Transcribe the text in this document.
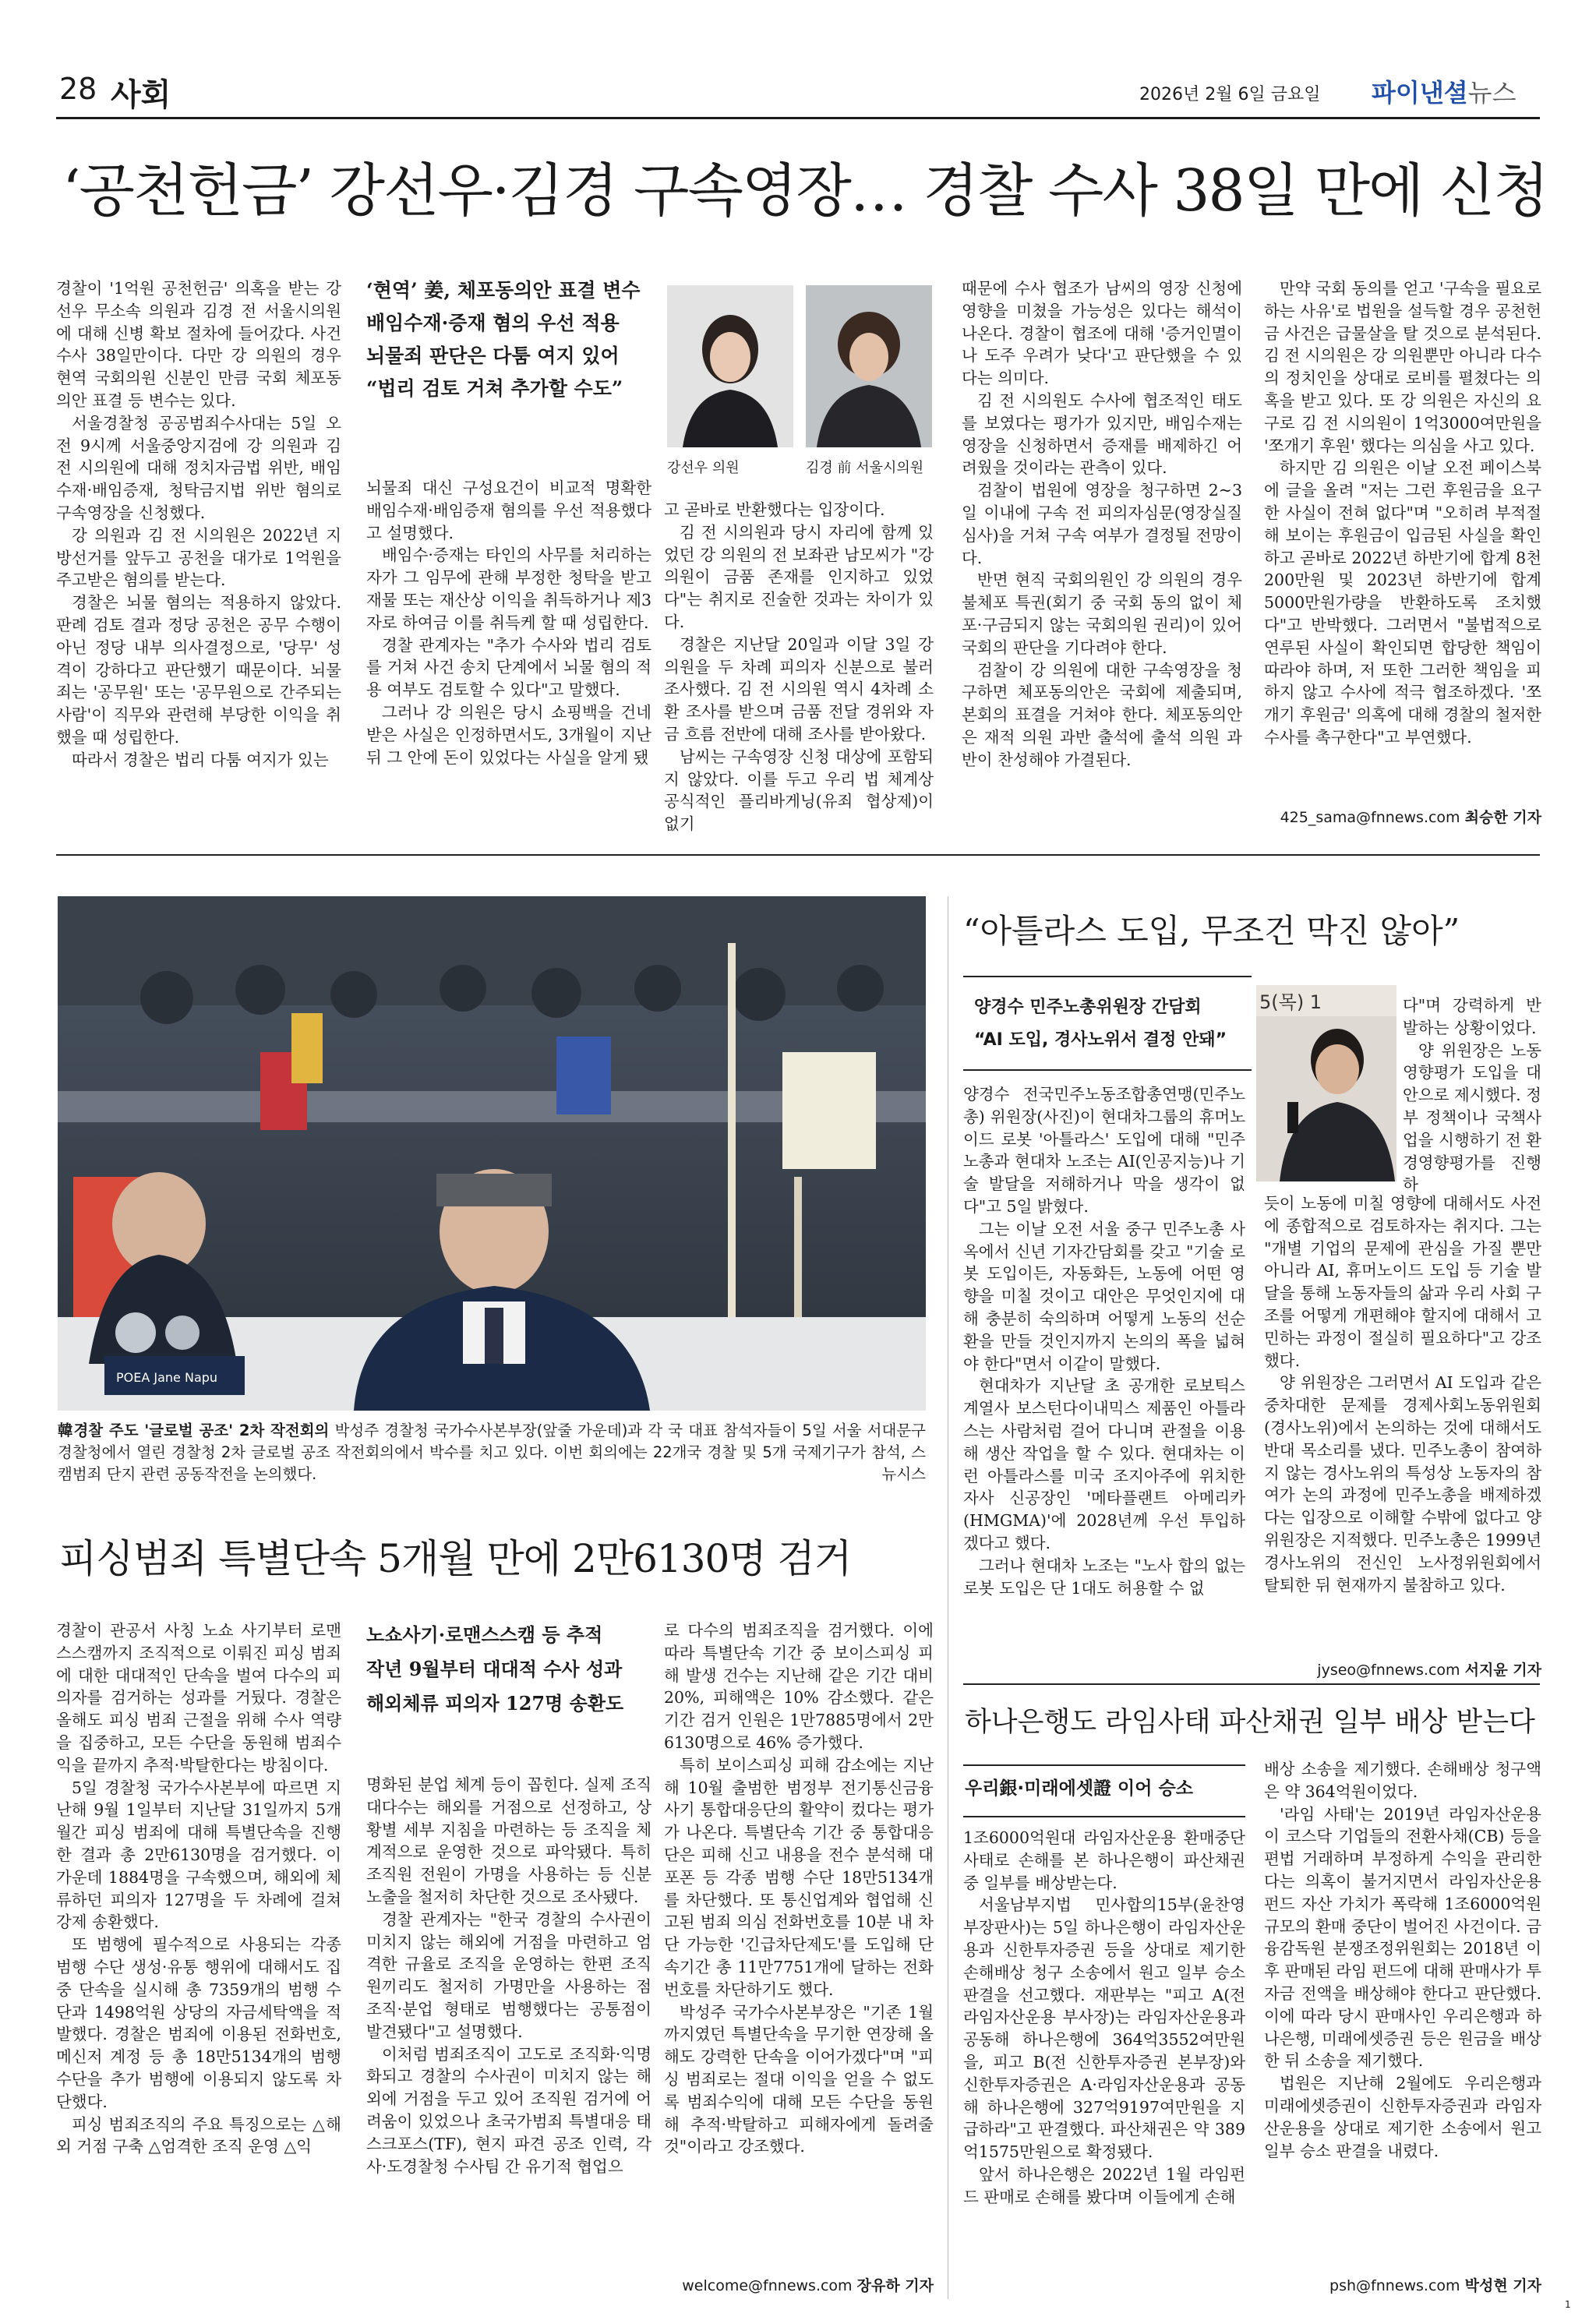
28 사회	2026년 2월 6일 금요일 파이낸셜뉴스
‘공천헌금’ 강선우·김경 구속영장… 경찰 수사 38일 만에 신청

경찰이 '1억원 공천헌금' 의혹을 받는 강선우 무소속 의원과 김경 전 서울시의원에 대해 신병 확보 절차에 들어갔다. 사건 수사 38일만이다. 다만 강 의원의 경우 현역 국회의원 신분인 만큼 국회 체포동의안 표결 등 변수는 있다.

서울경찰청 공공범죄수사대는 5일 오전 9시께 서울중앙지검에 강 의원과 김 전 시의원에 대해 정치자금법 위반, 배임수재·배임증재, 청탁금지법 위반 혐의로 구속영장을 신청했다.

강 의원과 김 전 시의원은 2022년 지방선거를 앞두고 공천을 대가로 1억원을 주고받은 혐의를 받는다.

경찰은 뇌물 혐의는 적용하지 않았다. 판례 검토 결과 정당 공천은 공무 수행이 아닌 정당 내부 의사결정으로, '당무' 성격이 강하다고 판단했기 때문이다. 뇌물죄는 '공무원' 또는 '공무원으로 간주되는 사람'이 직무와 관련해 부당한 이익을 취했을 때 성립한다.

따라서 경찰은 법리 다툼 여지가 있는

‘현역’ 姜, 체포동의안 표결 변수
배임수재·증재 혐의 우선 적용
뇌물죄 판단은 다툼 여지 있어
“법리 검토 거쳐 추가할 수도”

뇌물죄 대신 구성요건이 비교적 명확한 배임수재·배임증재 혐의를 우선 적용했다고 설명했다.

배임수·증재는 타인의 사무를 처리하는 자가 그 임무에 관해 부정한 청탁을 받고 재물 또는 재산상 이익을 취득하거나 제3자로 하여금 이를 취득케 할 때 성립한다.

경찰 관계자는 "추가 수사와 법리 검토를 거쳐 사건 송치 단계에서 뇌물 혐의 적용 여부도 검토할 수 있다"고 말했다.

그러나 강 의원은 당시 쇼핑백을 건네받은 사실은 인정하면서도, 3개월이 지난 뒤 그 안에 돈이 있었다는 사실을 알게 됐

강선우 의원	김경 前 서울시의원

고 곧바로 반환했다는 입장이다.

김 전 시의원과 당시 자리에 함께 있었던 강 의원의 전 보좌관 남모씨가 "강 의원이 금품 존재를 인지하고 있었다"는 취지로 진술한 것과는 차이가 있다.

경찰은 지난달 20일과 이달 3일 강 의원을 두 차례 피의자 신분으로 불러 조사했다. 김 전 시의원 역시 4차례 소환 조사를 받으며 금품 전달 경위와 자금 흐름 전반에 대해 조사를 받아왔다.

남씨는 구속영장 신청 대상에 포함되지 않았다. 이를 두고 우리 법 체계상 공식적인 플리바게닝(유죄 협상제)이 없기

때문에 수사 협조가 남씨의 영장 신청에 영향을 미쳤을 가능성은 있다는 해석이 나온다. 경찰이 협조에 대해 '증거인멸이나 도주 우려가 낮다'고 판단했을 수 있다는 의미다.

김 전 시의원도 수사에 협조적인 태도를 보였다는 평가가 있지만, 배임수재는 영장을 신청하면서 증재를 배제하긴 어려웠을 것이라는 관측이 있다.

검찰이 법원에 영장을 청구하면 2~3일 이내에 구속 전 피의자심문(영장실질심사)을 거쳐 구속 여부가 결정될 전망이다.

반면 현직 국회의원인 강 의원의 경우 불체포 특권(회기 중 국회 동의 없이 체포·구금되지 않는 국회의원 권리)이 있어 국회의 판단을 기다려야 한다.

검찰이 강 의원에 대한 구속영장을 청구하면 체포동의안은 국회에 제출되며, 본회의 표결을 거쳐야 한다. 체포동의안은 재적 의원 과반 출석에 출석 의원 과반이 찬성해야 가결된다.

만약 국회 동의를 얻고 '구속을 필요로 하는 사유'로 법원을 설득할 경우 공천헌금 사건은 급물살을 탈 것으로 분석된다. 김 전 시의원은 강 의원뿐만 아니라 다수의 정치인을 상대로 로비를 펼쳤다는 의혹을 받고 있다. 또 강 의원은 자신의 요구로 김 전 시의원이 1억3000여만원을 '쪼개기 후원' 했다는 의심을 사고 있다.

하지만 김 의원은 이날 오전 페이스북에 글을 올려 "저는 그런 후원금을 요구한 사실이 전혀 없다"며 "오히려 부적절해 보이는 후원금이 입금된 사실을 확인하고 곧바로 2022년 하반기에 합계 8천200만원 및 2023년 하반기에 합계 5000만원가량을 반환하도록 조치했다"고 반박했다. 그러면서 "불법적으로 연루된 사실이 확인되면 합당한 책임이 따라야 하며, 저 또한 그러한 책임을 피하지 않고 수사에 적극 협조하겠다. '쪼개기 후원금' 의혹에 대해 경찰의 철저한 수사를 촉구한다"고 부연했다.

425_sama@fnnews.com 최승한 기자
POEA Jane Napu
韓경찰 주도 '글로벌 공조' 2차 작전회의 박성주 경찰청 국가수사본부장(앞줄 가운데)과 각 국 대표 참석자들이 5일 서울 서대문구 경찰청에서 열린 경찰청 2차 글로벌 공조 작전회의에서 박수를 치고 있다. 이번 회의에는 22개국 경찰 및 5개 국제기구가 참석, 스캠범죄 단지 관련 공동작전을 논의했다.	뉴시스
피싱범죄 특별단속 5개월 만에 2만6130명 검거

경찰이 관공서 사칭 노쇼 사기부터 로맨스스캠까지 조직적으로 이뤄진 피싱 범죄에 대한 대대적인 단속을 벌여 다수의 피의자를 검거하는 성과를 거뒀다. 경찰은 올해도 피싱 범죄 근절을 위해 수사 역량을 집중하고, 모든 수단을 동원해 범죄수익을 끝까지 추적·박탈한다는 방침이다.

5일 경찰청 국가수사본부에 따르면 지난해 9월 1일부터 지난달 31일까지 5개월간 피싱 범죄에 대해 특별단속을 진행한 결과 총 2만6130명을 검거했다. 이 가운데 1884명을 구속했으며, 해외에 체류하던 피의자 127명을 두 차례에 걸쳐 강제 송환했다.

또 범행에 필수적으로 사용되는 각종 범행 수단 생성·유통 행위에 대해서도 집중 단속을 실시해 총 7359개의 범행 수단과 1498억원 상당의 자금세탁액을 적발했다. 경찰은 범죄에 이용된 전화번호, 메신저 계정 등 총 18만5134개의 범행 수단을 추가 범행에 이용되지 않도록 차단했다.

피싱 범죄조직의 주요 특징으로는 △해외 거점 구축 △엄격한 조직 운영 △익

노쇼사기·로맨스스캠 등 추적
작년 9월부터 대대적 수사 성과
해외체류 피의자 127명 송환도

명화된 분업 체계 등이 꼽힌다. 실제 조직 대다수는 해외를 거점으로 선정하고, 상황별 세부 지침을 마련하는 등 조직을 체계적으로 운영한 것으로 파악됐다. 특히 조직원 전원이 가명을 사용하는 등 신분 노출을 철저히 차단한 것으로 조사됐다.

경찰 관계자는 "한국 경찰의 수사권이 미치지 않는 해외에 거점을 마련하고 엄격한 규율로 조직을 운영하는 한편 조직원끼리도 철저히 가명만을 사용하는 점 조직·분업 형태로 범행했다는 공통점이 발견됐다"고 설명했다.

이처럼 범죄조직이 고도로 조직화·익명화되고 경찰의 수사권이 미치지 않는 해외에 거점을 두고 있어 조직원 검거에 어려움이 있었으나 초국가범죄 특별대응 태스크포스(TF), 현지 파견 공조 인력, 각 사·도경찰청 수사팀 간 유기적 협업으

로 다수의 범죄조직을 검거했다. 이에 따라 특별단속 기간 중 보이스피싱 피해 발생 건수는 지난해 같은 기간 대비 20%, 피해액은 10% 감소했다. 같은 기간 검거 인원은 1만7885명에서 2만6130명으로 46% 증가했다.

특히 보이스피싱 피해 감소에는 지난해 10월 출범한 범정부 전기통신금융사기 통합대응단의 활약이 컸다는 평가가 나온다. 특별단속 기간 중 통합대응단은 피해 신고 내용을 전수 분석해 대포폰 등 각종 범행 수단 18만5134개를 차단했다. 또 통신업계와 협업해 신고된 범죄 의심 전화번호를 10분 내 차단 가능한 '긴급차단제도'를 도입해 단속기간 총 11만7751개에 달하는 전화번호를 차단하기도 했다.

박성주 국가수사본부장은 "기존 1월까지였던 특별단속을 무기한 연장해 올해도 강력한 단속을 이어가겠다"며 "피싱 범죄로는 절대 이익을 얻을 수 없도록 범죄수익에 대해 모든 수단을 동원해 추적·박탈하고 피해자에게 돌려줄 것"이라고 강조했다.

welcome@fnnews.com 장유하 기자
“아틀라스 도입, 무조건 막진 않아”
양경수 민주노총위원장 간담회
“AI 도입, 경사노위서 결정 안돼”
5(목) 1

양경수 전국민주노동조합총연맹(민주노총) 위원장(사진)이 현대차그룹의 휴머노이드 로봇 '아틀라스' 도입에 대해 "민주노총과 현대차 노조는 AI(인공지능)나 기술 발달을 저해하거나 막을 생각이 없다"고 5일 밝혔다.

그는 이날 오전 서울 중구 민주노총 사옥에서 신년 기자간담회를 갖고 "기술 로봇 도입이든, 자동화든, 노동에 어떤 영향을 미칠 것이고 대안은 무엇인지에 대해 충분히 숙의하며 어떻게 노동의 선순환을 만들 것인지까지 논의의 폭을 넓혀야 한다"면서 이같이 말했다.

현대차가 지난달 초 공개한 로보틱스 계열사 보스턴다이내믹스 제품인 아틀라스는 사람처럼 걸어 다니며 관절을 이용해 생산 작업을 할 수 있다. 현대차는 이런 아틀라스를 미국 조지아주에 위치한 자사 신공장인 '메타플랜트 아메리카(HMGMA)'에 2028년께 우선 투입하겠다고 했다.

그러나 현대차 노조는 "노사 합의 없는 로봇 도입은 단 1대도 허용할 수 없

다"며 강력하게 반발하는 상황이었다.

양 위원장은 노동영향평가 도입을 대안으로 제시했다. 정부 정책이나 국책사업을 시행하기 전 환경영향평가를 진행하

듯이 노동에 미칠 영향에 대해서도 사전에 종합적으로 검토하자는 취지다. 그는 "개별 기업의 문제에 관심을 가질 뿐만 아니라 AI, 휴머노이드 도입 등 기술 발달을 통해 노동자들의 삶과 우리 사회 구조를 어떻게 개편해야 할지에 대해서 고민하는 과정이 절실히 필요하다"고 강조했다.

양 위원장은 그러면서 AI 도입과 같은 중차대한 문제를 경제사회노동위원회(경사노위)에서 논의하는 것에 대해서도 반대 목소리를 냈다. 민주노총이 참여하지 않는 경사노위의 특성상 노동자의 참여가 논의 과정에 민주노총을 배제하겠다는 입장으로 이해할 수밖에 없다고 양 위원장은 지적했다. 민주노총은 1999년 경사노위의 전신인 노사정위원회에서 탈퇴한 뒤 현재까지 불참하고 있다.

jyseo@fnnews.com 서지윤 기자
하나은행도 라임사태 파산채권 일부 배상 받는다
우리銀·미래에셋證 이어 승소

1조6000억원대 라임자산운용 환매중단 사태로 손해를 본 하나은행이 파산채권 중 일부를 배상받는다.

서울남부지법 민사합의15부(윤찬영 부장판사)는 5일 하나은행이 라임자산운용과 신한투자증권 등을 상대로 제기한 손해배상 청구 소송에서 원고 일부 승소 판결을 선고했다. 재판부는 "피고 A(전 라임자산운용 부사장)는 라임자산운용과 공동해 하나은행에 364억3552여만원을, 피고 B(전 신한투자증권 본부장)와 신한투자증권은 A·라임자산운용과 공동해 하나은행에 327억9197여만원을 지급하라"고 판결했다. 파산채권은 약 389억1575만원으로 확정됐다.

앞서 하나은행은 2022년 1월 라임펀드 판매로 손해를 봤다며 이들에게 손해

배상 소송을 제기했다. 손해배상 청구액은 약 364억원이었다.

'라임 사태'는 2019년 라임자산운용이 코스닥 기업들의 전환사채(CB) 등을 편법 거래하며 부정하게 수익을 관리한다는 의혹이 불거지면서 라임자산운용 펀드 자산 가치가 폭락해 1조6000억원 규모의 환매 중단이 벌어진 사건이다. 금융감독원 분쟁조정위원회는 2018년 이후 판매된 라임 펀드에 대해 판매사가 투자금 전액을 배상해야 한다고 판단했다. 이에 따라 당시 판매사인 우리은행과 하나은행, 미래에셋증권 등은 원금을 배상한 뒤 소송을 제기했다.

법원은 지난해 2월에도 우리은행과 미래에셋증권이 신한투자증권과 라임자산운용을 상대로 제기한 소송에서 원고 일부 승소 판결을 내렸다.

psh@fnnews.com 박성현 기자
1
